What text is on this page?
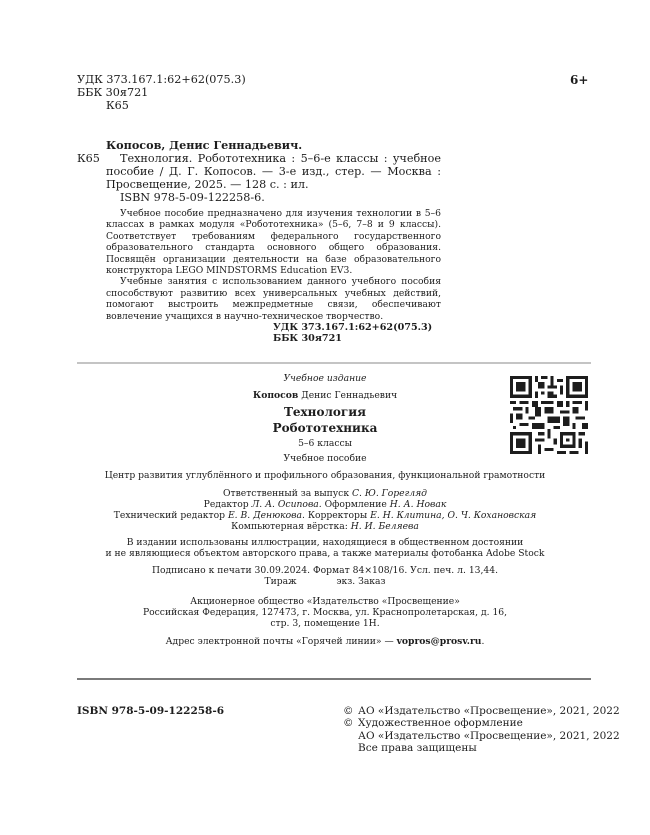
УДК 373.167.1:62+62(075.3)
ББК 30я721
К65
6+
Копосов, Денис Геннадьевич.
К65	Технология. Робототехника : 5–6-е классы : учебное пособие / Д. Г. Копосов. — 3-е изд., стер. — Москва : Просвещение, 2025. — 128 с. : ил.
ISBN 978-5-09-122258-6.

Учебное пособие предназначено для изучения технологии в 5–6 классах в рамках модуля «Робототехника» (5–6, 7–8 и 9 классы). Соответствует требованиям федерального государственного образовательного стандарта основного общего образования. Посвящён организации деятельности на базе образовательного конструктора LEGO MINDSTORMS Education EV3.

Учебные занятия с использованием данного учебного пособия способствуют развитию всех универсальных учебных действий, помогают выстроить межпредметные связи, обеспечивают вовлечение учащихся в научно-техническое творчество.

УДК 373.167.1:62+62(075.3)
ББК 30я721
Учебное издание
Копосов Денис Геннадьевич
Технология
Робототехника
5–6 классы
Учебное пособие
Центр развития углублённого и профильного образования, функциональной грамотности
Ответственный за выпуск С. Ю. Горегляд
Редактор Л. А. Осипова. Оформление Н. А. Новак
Технический редактор Е. В. Денюкова. Корректоры Е. Н. Клитина, О. Ч. Кохановская
Компьютерная вёрстка: Н. И. Беляева
В издании использованы иллюстрации, находящиеся в общественном достоянии
и не являющиеся объектом авторского права, а также материалы фотобанка Adobe Stock
Подписано к печати 30.09.2024. Формат 84×108/16. Усл. печ. л. 13,44.
Тираж	экз. Заказ
Акционерное общество «Издательство «Просвещение»
Российская Федерация, 127473, г. Москва, ул. Краснопролетарская, д. 16,
стр. 3, помещение 1Н.
Адрес электронной почты «Горячей линии» — vopros@prosv.ru.
ISBN 978-5-09-122258-6	© АО «Издательство «Просвещение», 2021, 2022
© Художественное оформление
АО «Издательство «Просвещение», 2021, 2022
Все права защищены
